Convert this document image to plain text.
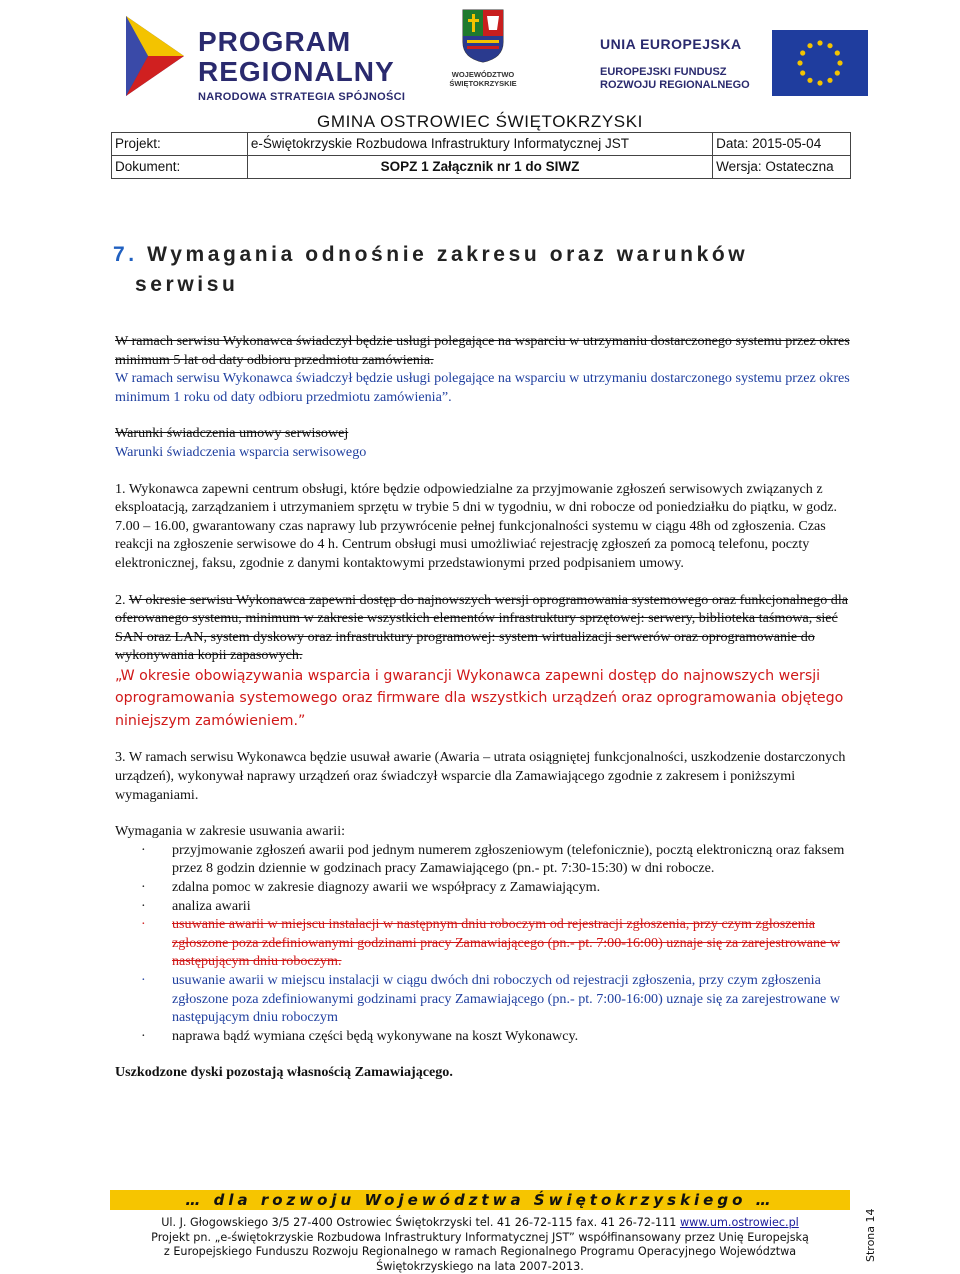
PROGRAM
REGIONALNY
NARODOWA STRATEGIA SPÓJNOŚCI
WOJEWÓDZTWO
ŚWIĘTOKRZYSKIE
UNIA EUROPEJSKA
EUROPEJSKI FUNDUSZ
ROZWOJU REGIONALNEGO
GMINA OSTROWIEC ŚWIĘTOKRZYSKI
Projekt:	e-Świętokrzyskie Rozbudowa Infrastruktury Informatycznej JST	Data: 2015-05-04
Dokument:	SOPZ 1 Załącznik nr 1 do SIWZ	Wersja: Ostateczna
7. Wymagania odnośnie zakresu oraz warunków
serwisu

W ramach serwisu Wykonawca świadczył będzie usługi polegające na wsparciu w utrzymaniu dostarczonego systemu przez okres minimum 5 lat od daty odbioru przedmiotu zamówienia.

W ramach serwisu Wykonawca świadczył będzie usługi polegające na wsparciu w utrzymaniu dostarczonego systemu przez okres minimum 1 roku od daty odbioru przedmiotu zamówienia”.

Warunki świadczenia umowy serwisowej

Warunki świadczenia wsparcia serwisowego

1. Wykonawca zapewni centrum obsługi, które będzie odpowiedzialne za przyjmowanie zgłoszeń serwisowych związanych z eksploatacją, zarządzaniem i utrzymaniem sprzętu w trybie 5 dni w tygodniu, w dni robocze od poniedziałku do piątku, w godz. 7.00 – 16.00, gwarantowany czas naprawy lub przywrócenie pełnej funkcjonalności systemu w ciągu 48h od zgłoszenia. Czas reakcji na zgłoszenie serwisowe do 4 h. Centrum obsługi musi umożliwiać rejestrację zgłoszeń za pomocą telefonu, poczty elektronicznej, faksu, zgodnie z danymi kontaktowymi przedstawionymi przed podpisaniem umowy.

2. W okresie serwisu Wykonawca zapewni dostęp do najnowszych wersji oprogramowania systemowego oraz funkcjonalnego dla oferowanego systemu, minimum w zakresie wszystkich elementów infrastruktury sprzętowej: serwery, biblioteka taśmowa, sieć SAN oraz LAN, system dyskowy oraz infrastruktury programowej: system wirtualizacji serwerów oraz oprogramowanie do wykonywania kopii zapasowych.

„W okresie obowiązywania wsparcia i gwarancji Wykonawca zapewni dostęp do najnowszych wersji oprogramowania systemowego oraz firmware dla wszystkich urządzeń oraz oprogramowania objętego niniejszym zamówieniem.”

3. W ramach serwisu Wykonawca będzie usuwał awarie (Awaria – utrata osiągniętej funkcjonalności, uszkodzenie dostarczonych urządzeń), wykonywał naprawy urządzeń oraz świadczył wsparcie dla Zamawiającego zgodnie z zakresem i poniższymi wymaganiami.

Wymagania w zakresie usuwania awarii:

· przyjmowanie zgłoszeń awarii pod jednym numerem zgłoszeniowym (telefonicznie), pocztą elektroniczną oraz faksem przez 8 godzin dziennie w godzinach pracy Zamawiającego (pn.- pt. 7:30-15:30) w dni robocze.
· zdalna pomoc w zakresie diagnozy awarii we współpracy z Zamawiającym.
· analiza awarii
· usuwanie awarii w miejscu instalacji w następnym dniu roboczym od rejestracji zgłoszenia, przy czym zgłoszenia zgłoszone poza zdefiniowanymi godzinami pracy Zamawiającego (pn.- pt. 7:00-16:00) uznaje się za zarejestrowane w następującym dniu roboczym.
· usuwanie awarii w miejscu instalacji w ciągu dwóch dni roboczych od rejestracji zgłoszenia, przy czym zgłoszenia zgłoszone poza zdefiniowanymi godzinami pracy Zamawiającego (pn.- pt. 7:00-16:00) uznaje się za zarejestrowane w następującym dniu roboczym
· naprawa bądź wymiana części będą wykonywane na koszt Wykonawcy.

Uszkodzone dyski pozostają własnością Zamawiającego.

… dla rozwoju Województwa Świętokrzyskiego …
Ul. J. Głogowskiego 3/5 27-400 Ostrowiec Świętokrzyski tel. 41 26-72-115 fax. 41 26-72-111 www.um.ostrowiec.pl
Projekt pn. „e-świętokrzyskie Rozbudowa Infrastruktury Informatycznej JST” współfinansowany przez Unię Europejską
z Europejskiego Funduszu Rozwoju Regionalnego w ramach Regionalnego Programu Operacyjnego Województwa
Świętokrzyskiego na lata 2007-2013.
Strona 14
